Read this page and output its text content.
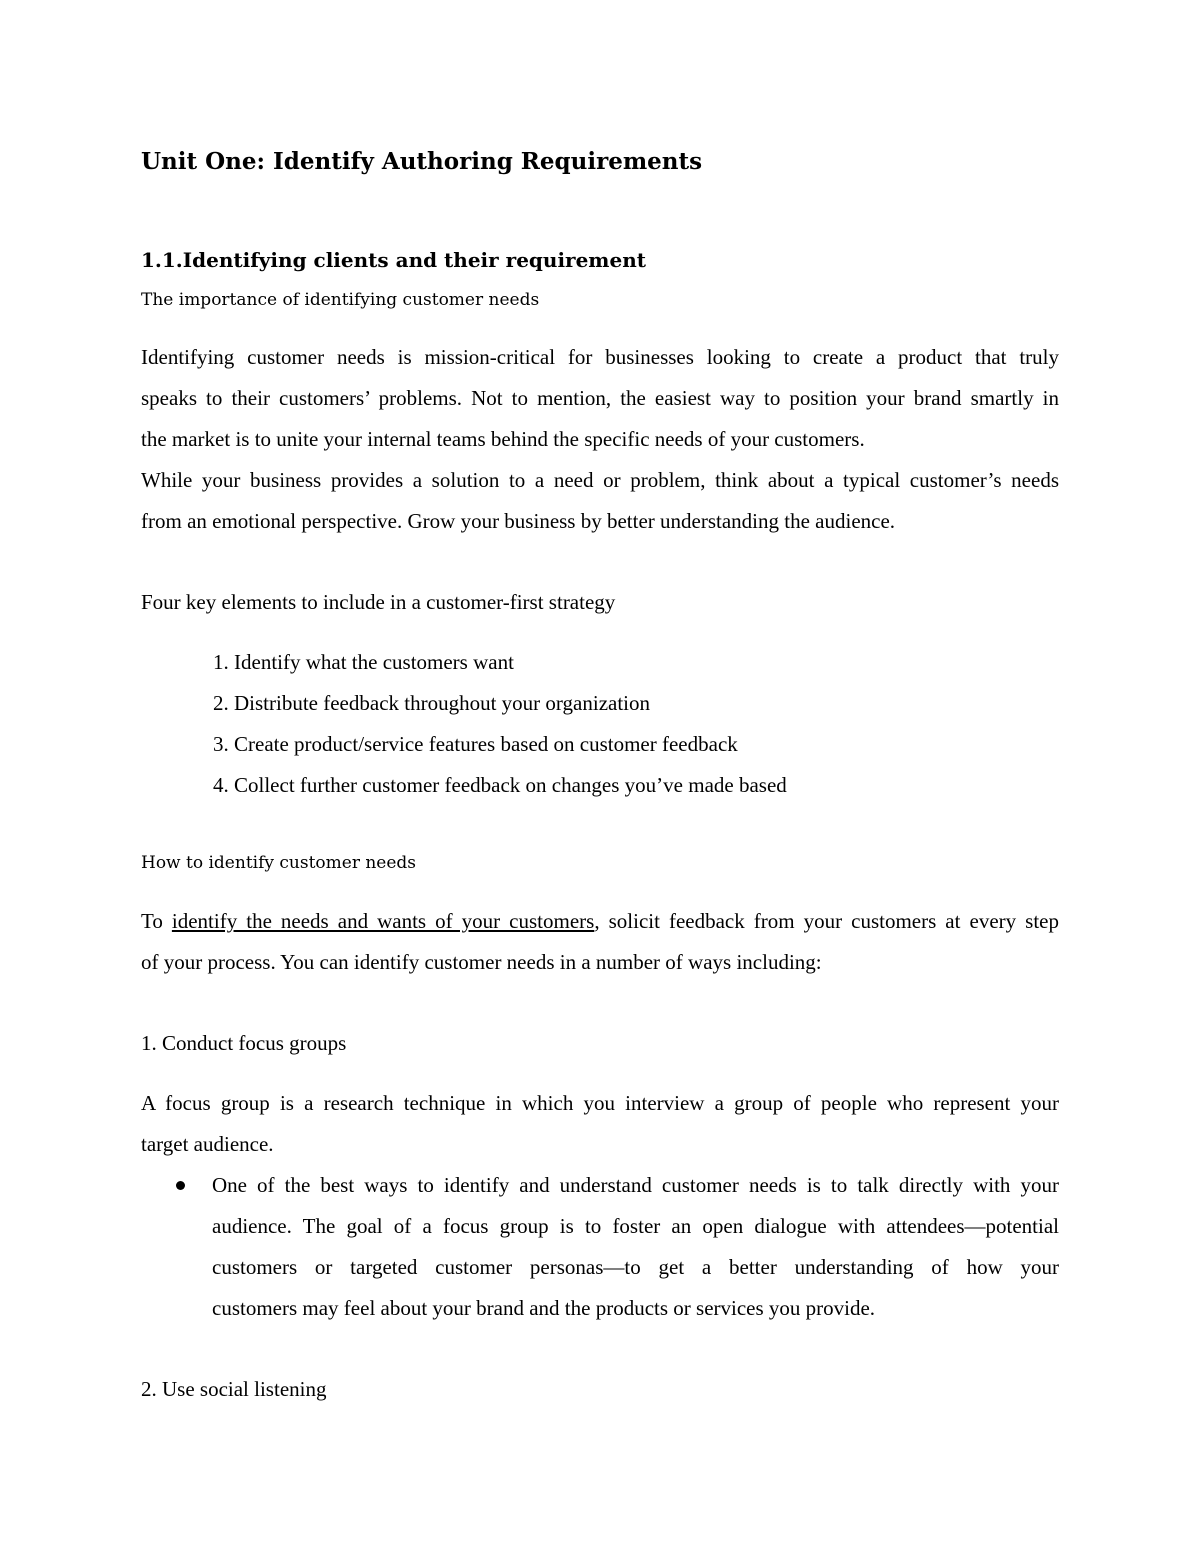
Unit One: Identify Authoring Requirements
1.1.Identifying clients and their requirement
The importance of identifying customer needs
Identifying customer needs is mission-critical for businesses looking to create a product that truly
speaks to their customers’ problems. Not to mention, the easiest way to position your brand smartly in
the market is to unite your internal teams behind the specific needs of your customers.
While your business provides a solution to a need or problem, think about a typical customer’s needs
from an emotional perspective. Grow your business by better understanding the audience.
Four key elements to include in a customer-first strategy
1. Identify what the customers want
2. Distribute feedback throughout your organization
3. Create product/service features based on customer feedback
4. Collect further customer feedback on changes you’ve made based
How to identify customer needs
To identify the needs and wants of your customers, solicit feedback from your customers at every step
of your process. You can identify customer needs in a number of ways including:
1. Conduct focus groups
A focus group is a research technique in which you interview a group of people who represent your
target audience.
One of the best ways to identify and understand customer needs is to talk directly with your
audience. The goal of a focus group is to foster an open dialogue with attendees—potential
customers or targeted customer personas—to get a better understanding of how your
customers may feel about your brand and the products or services you provide.
2. Use social listening
